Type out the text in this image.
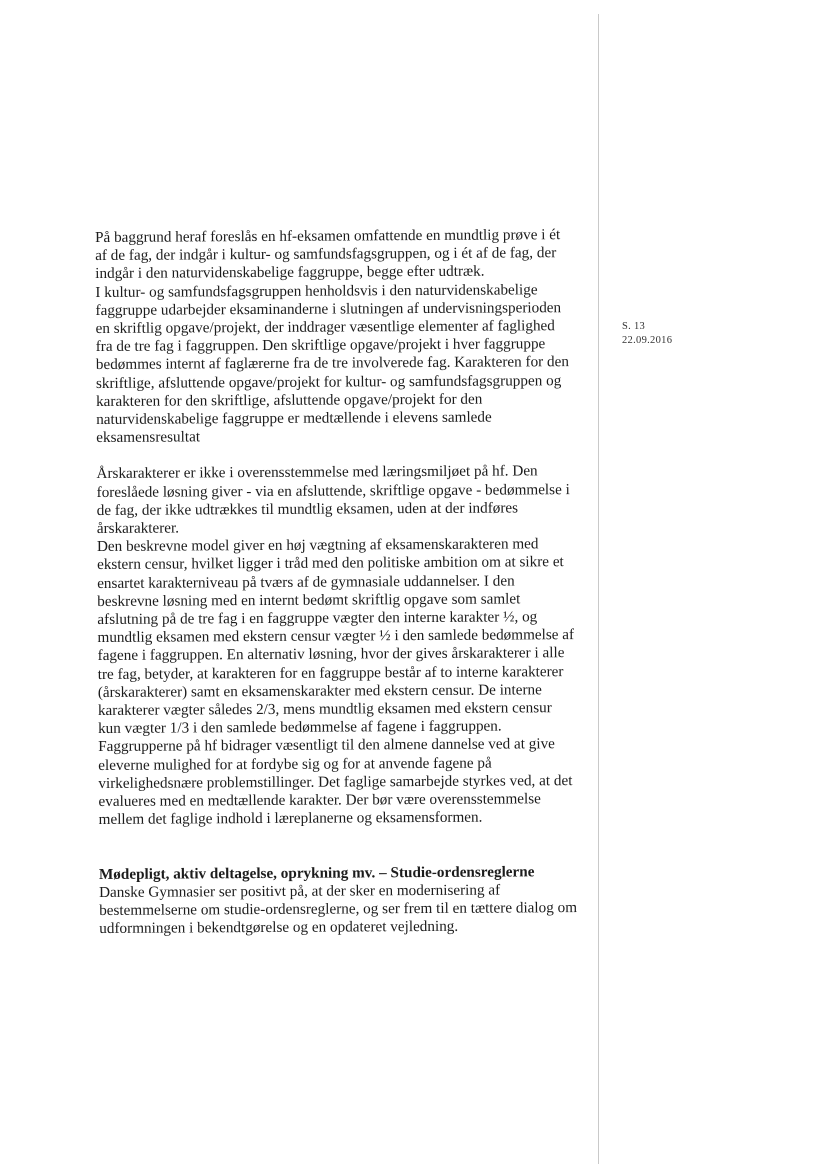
S. 13
22.09.2016

På baggrund heraf foreslås en hf-eksamen omfattende en mundtlig prøve i ét af de fag, der indgår i kultur- og samfundsfagsgruppen, og i ét af de fag, der indgår i den naturvidenskabelige faggruppe, begge efter udtræk.

I kultur- og samfundsfagsgruppen henholdsvis i den naturvidenskabelige faggruppe udarbejder eksaminanderne i slutningen af undervisningsperioden en skriftlig opgave/projekt, der inddrager væsentlige elementer af faglighed fra de tre fag i faggruppen. Den skriftlige opgave/projekt i hver faggruppe bedømmes internt af faglærerne fra de tre involverede fag. Karakteren for den skriftlige, afsluttende opgave/projekt for kultur- og samfundsfagsgruppen og karakteren for den skriftlige, afsluttende opgave/projekt for den naturvidenskabelige faggruppe er medtællende i elevens samlede eksamensresultat

Årskarakterer er ikke i overensstemmelse med læringsmiljøet på hf. Den foreslåede løsning giver - via en afsluttende, skriftlige opgave - bedømmelse i de fag, der ikke udtrækkes til mundtlig eksamen, uden at der indføres årskarakterer.

Den beskrevne model giver en høj vægtning af eksamenskarakteren med ekstern censur, hvilket ligger i tråd med den politiske ambition om at sikre et ensartet karakterniveau på tværs af de gymnasiale uddannelser. I den beskrevne løsning med en internt bedømt skriftlig opgave som samlet afslutning på de tre fag i en faggruppe vægter den interne karakter ½, og mundtlig eksamen med ekstern censur vægter ½ i den samlede bedømmelse af fagene i faggruppen. En alternativ løsning, hvor der gives årskarakterer i alle tre fag, betyder, at karakteren for en faggruppe består af to interne karakterer (årskarakterer) samt en eksamenskarakter med ekstern censur. De interne karakterer vægter således 2/3, mens mundtlig eksamen med ekstern censur kun vægter 1/3 i den samlede bedømmelse af fagene i faggruppen.

Faggrupperne på hf bidrager væsentligt til den almene dannelse ved at give eleverne mulighed for at fordybe sig og for at anvende fagene på virkelighedsnære problemstillinger. Det faglige samarbejde styrkes ved, at det evalueres med en medtællende karakter. Der bør være overensstemmelse mellem det faglige indhold i læreplanerne og eksamensformen.

Mødepligt, aktiv deltagelse, oprykning mv. – Studie-ordensreglerne

Danske Gymnasier ser positivt på, at der sker en modernisering af bestemmelserne om studie-ordensreglerne, og ser frem til en tættere dialog om udformningen i bekendtgørelse og en opdateret vejledning.
